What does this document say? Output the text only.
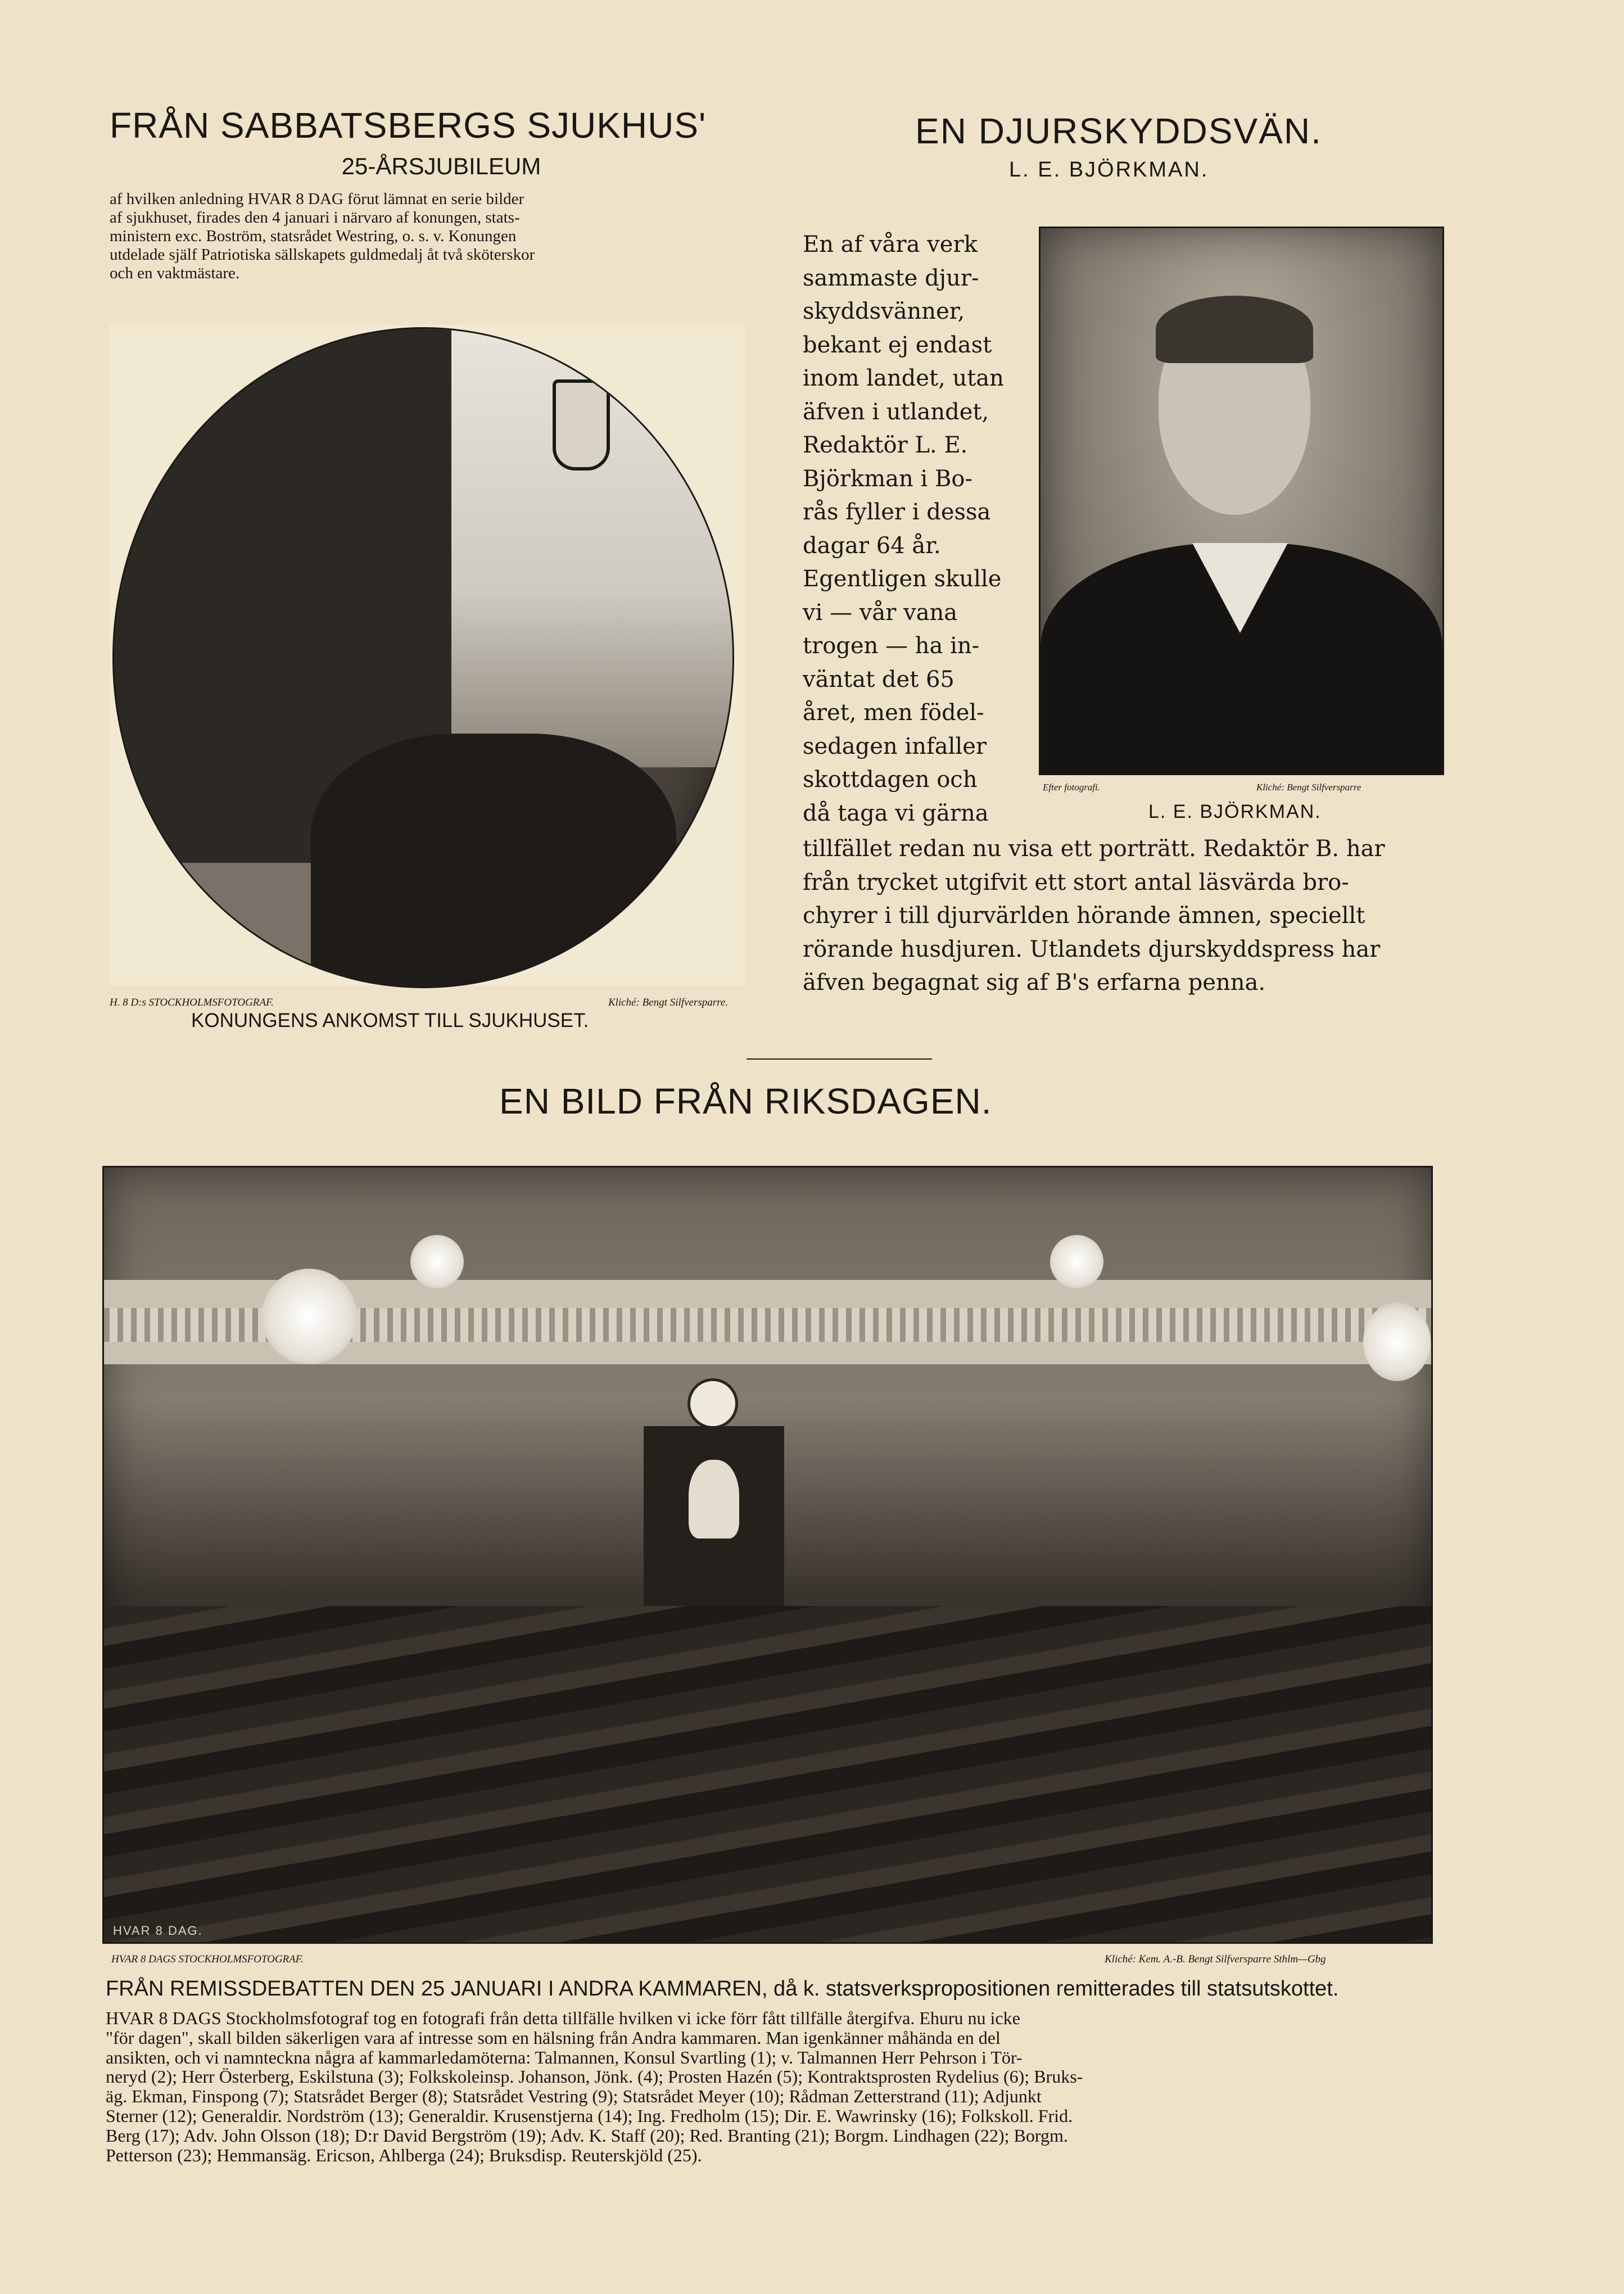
FRÅN SABBATSBERGS SJUKHUS'
25-ÅRSJUBILEUM
af hvilken anledning HVAR 8 DAG förut lämnat en serie bilder
af sjukhuset, firades den 4 januari i närvaro af konungen, stats-
ministern exc. Boström, statsrådet Westring, o. s. v. Konungen
utdelade själf Patriotiska sällskapets guldmedalj åt två sköterskor
och en vaktmästare.
HVAR 8 DAG
H. 8 D:s STOCKHOLMSFOTOGRAF.	Kliché: Bengt Silfversparre.
KONUNGENS ANKOMST TILL SJUKHUSET.
EN DJURSKYDDSVÄN.
L. E. BJÖRKMAN.
Efter fotografi.	Kliché: Bengt Silfversparre
L. E. BJÖRKMAN.
En af våra verk
sammaste djur-
skyddsvänner,
bekant ej endast
inom landet, utan
äfven i utlandet,
Redaktör L. E.
Björkman i Bo-
rås fyller i dessa
dagar 64 år.
Egentligen skulle
vi — vår vana
trogen — ha in-
väntat det 65
året, men födel-
sedagen infaller
skottdagen och
då taga vi gärna
tillfället redan nu visa ett porträtt. Redaktör B. har
från trycket utgifvit ett stort antal läsvärda bro-
chyrer i till djurvärlden hörande ämnen, speciellt
rörande husdjuren. Utlandets djurskyddspress har
äfven begagnat sig af B's erfarna penna.
EN BILD FRÅN RIKSDAGEN.
HVAR 8 DAG.
HVAR 8 DAGS STOCKHOLMSFOTOGRAF.	Kliché: Kem. A.-B. Bengt Silfversparre Sthlm—Gbg
FRÅN REMISSDEBATTEN DEN 25 JANUARI I ANDRA KAMMAREN, då k. statsverkspropositionen remitterades till statsutskottet.
HVAR 8 DAGS Stockholmsfotograf tog en fotografi från detta tillfälle hvilken vi icke förr fått tillfälle återgifva. Ehuru nu icke
"för dagen", skall bilden säkerligen vara af intresse som en hälsning från Andra kammaren. Man igenkänner måhända en del
ansikten, och vi namnteckna några af kammarledamöterna: Talmannen, Konsul Svartling (1); v. Talmannen Herr Pehrson i Tör-
neryd (2); Herr Österberg, Eskilstuna (3); Folkskoleinsp. Johanson, Jönk. (4); Prosten Hazén (5); Kontraktsprosten Rydelius (6); Bruks-
äg. Ekman, Finspong (7); Statsrådet Berger (8); Statsrådet Vestring (9); Statsrådet Meyer (10); Rådman Zetterstrand (11); Adjunkt
Sterner (12); Generaldir. Nordström (13); Generaldir. Krusenstjerna (14); Ing. Fredholm (15); Dir. E. Wawrinsky (16); Folkskoll. Frid.
Berg (17); Adv. John Olsson (18); D:r David Bergström (19); Adv. K. Staff (20); Red. Branting (21); Borgm. Lindhagen (22); Borgm.
Petterson (23); Hemmansäg. Ericson, Ahlberga (24); Bruksdisp. Reuterskjöld (25).
